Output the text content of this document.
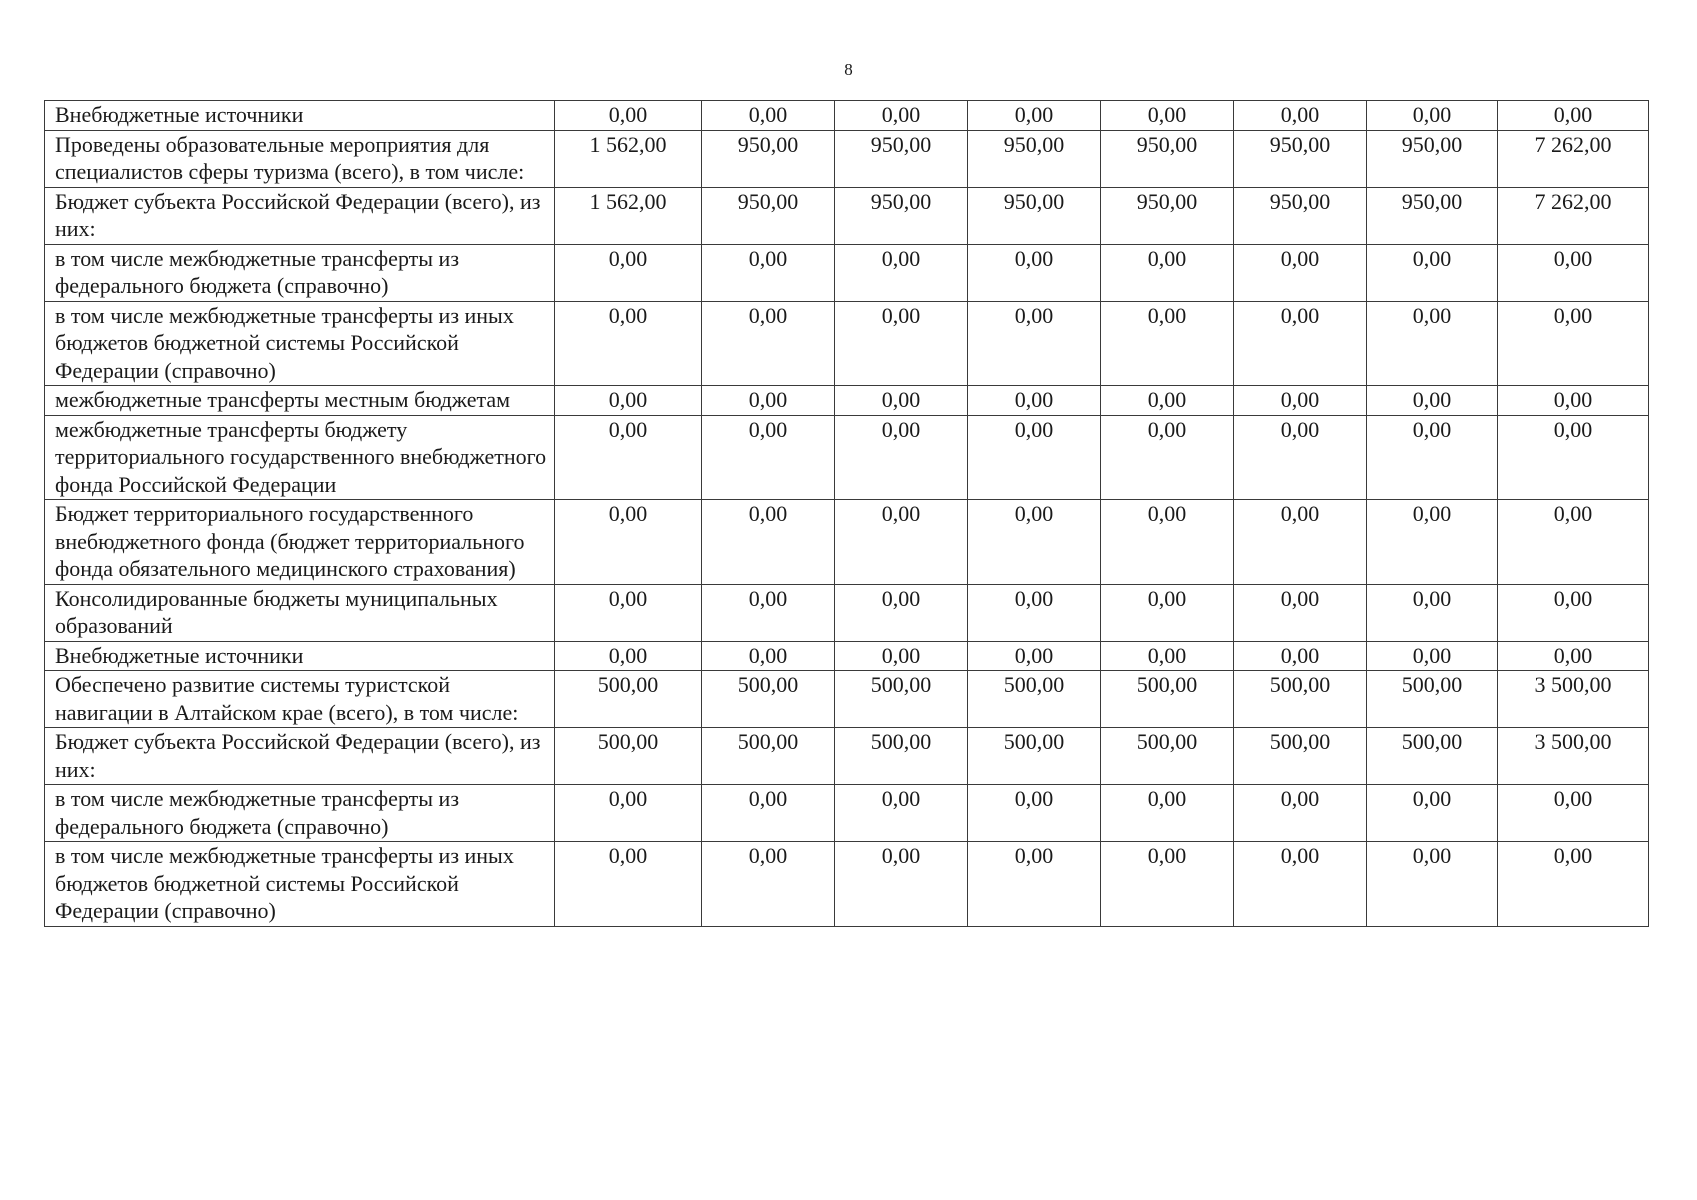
8
Внебюджетные источники	0,00	0,00	0,00	0,00	0,00	0,00	0,00	0,00
Проведены образовательные мероприятия для специалистов сферы туризма (всего), в том числе:	1 562,00	950,00	950,00	950,00	950,00	950,00	950,00	7 262,00
Бюджет субъекта Российской Федерации (всего), из них:	1 562,00	950,00	950,00	950,00	950,00	950,00	950,00	7 262,00
в том числе межбюджетные трансферты из федерального бюджета (справочно)	0,00	0,00	0,00	0,00	0,00	0,00	0,00	0,00
в том числе межбюджетные трансферты из иных бюджетов бюджетной системы Российской Федерации (справочно)	0,00	0,00	0,00	0,00	0,00	0,00	0,00	0,00
межбюджетные трансферты местным бюджетам	0,00	0,00	0,00	0,00	0,00	0,00	0,00	0,00
межбюджетные трансферты бюджету территориального государственного внебюджетного фонда Российской Федерации	0,00	0,00	0,00	0,00	0,00	0,00	0,00	0,00
Бюджет территориального государственного внебюджетного фонда (бюджет территориального фонда обязательного медицинского страхования)	0,00	0,00	0,00	0,00	0,00	0,00	0,00	0,00
Консолидированные бюджеты муниципальных образований	0,00	0,00	0,00	0,00	0,00	0,00	0,00	0,00
Внебюджетные источники	0,00	0,00	0,00	0,00	0,00	0,00	0,00	0,00
Обеспечено развитие системы туристской навигации в Алтайском крае (всего), в том числе:	500,00	500,00	500,00	500,00	500,00	500,00	500,00	3 500,00
Бюджет субъекта Российской Федерации (всего), из них:	500,00	500,00	500,00	500,00	500,00	500,00	500,00	3 500,00
в том числе межбюджетные трансферты из федерального бюджета (справочно)	0,00	0,00	0,00	0,00	0,00	0,00	0,00	0,00
в том числе межбюджетные трансферты из иных бюджетов бюджетной системы Российской Федерации (справочно)	0,00	0,00	0,00	0,00	0,00	0,00	0,00	0,00
